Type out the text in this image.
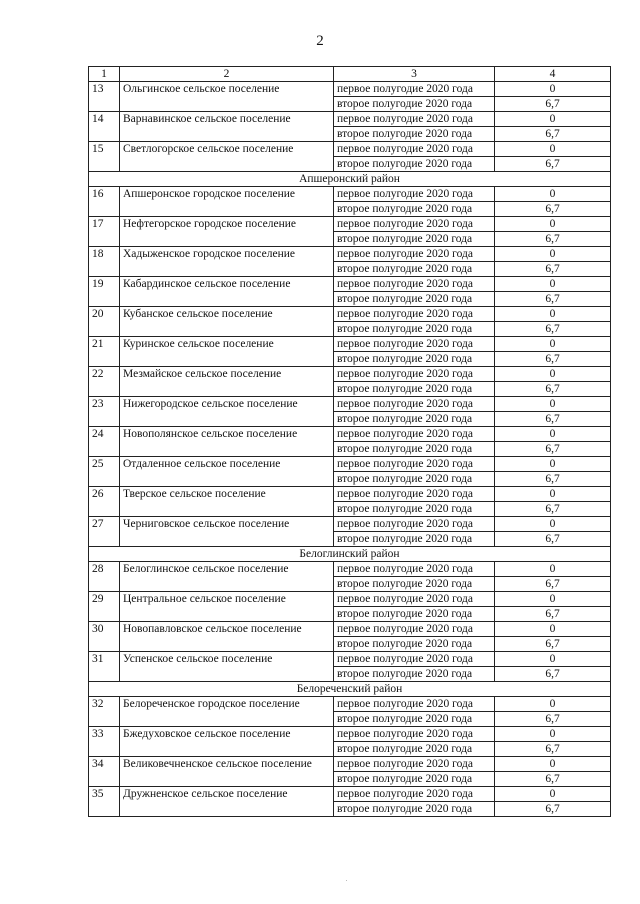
2
1	2	3	4
13	Ольгинское сельское поселение	первое полугодие 2020 года	0
		второе полугодие 2020 года	6,7
14	Варнавинское сельское поселение	первое полугодие 2020 года	0
		второе полугодие 2020 года	6,7
15	Светлогорское сельское поселение	первое полугодие 2020 года	0
		второе полугодие 2020 года	6,7
Апшеронский район			
16	Апшеронское городское поселение	первое полугодие 2020 года	0
		второе полугодие 2020 года	6,7
17	Нефтегорское городское поселение	первое полугодие 2020 года	0
		второе полугодие 2020 года	6,7
18	Хадыженское городское поселение	первое полугодие 2020 года	0
		второе полугодие 2020 года	6,7
19	Кабардинское сельское поселение	первое полугодие 2020 года	0
		второе полугодие 2020 года	6,7
20	Кубанское сельское поселение	первое полугодие 2020 года	0
		второе полугодие 2020 года	6,7
21	Куринское сельское поселение	первое полугодие 2020 года	0
		второе полугодие 2020 года	6,7
22	Мезмайское сельское поселение	первое полугодие 2020 года	0
		второе полугодие 2020 года	6,7
23	Нижегородское сельское поселение	первое полугодие 2020 года	0
		второе полугодие 2020 года	6,7
24	Новополянское сельское поселение	первое полугодие 2020 года	0
		второе полугодие 2020 года	6,7
25	Отдаленное сельское поселение	первое полугодие 2020 года	0
		второе полугодие 2020 года	6,7
26	Тверское сельское поселение	первое полугодие 2020 года	0
		второе полугодие 2020 года	6,7
27	Черниговское сельское поселение	первое полугодие 2020 года	0
		второе полугодие 2020 года	6,7
Белоглинский район			
28	Белоглинское сельское поселение	первое полугодие 2020 года	0
		второе полугодие 2020 года	6,7
29	Центральное сельское поселение	первое полугодие 2020 года	0
		второе полугодие 2020 года	6,7
30	Новопавловское сельское поселение	первое полугодие 2020 года	0
		второе полугодие 2020 года	6,7
31	Успенское сельское поселение	первое полугодие 2020 года	0
		второе полугодие 2020 года	6,7
Белореченский район			
32	Белореченское городское поселение	первое полугодие 2020 года	0
		второе полугодие 2020 года	6,7
33	Бжедуховское сельское поселение	первое полугодие 2020 года	0
		второе полугодие 2020 года	6,7
34	Великовечненское сельское поселение	первое полугодие 2020 года	0
		второе полугодие 2020 года	6,7
35	Дружненское сельское поселение	первое полугодие 2020 года	0
		второе полугодие 2020 года	6,7
